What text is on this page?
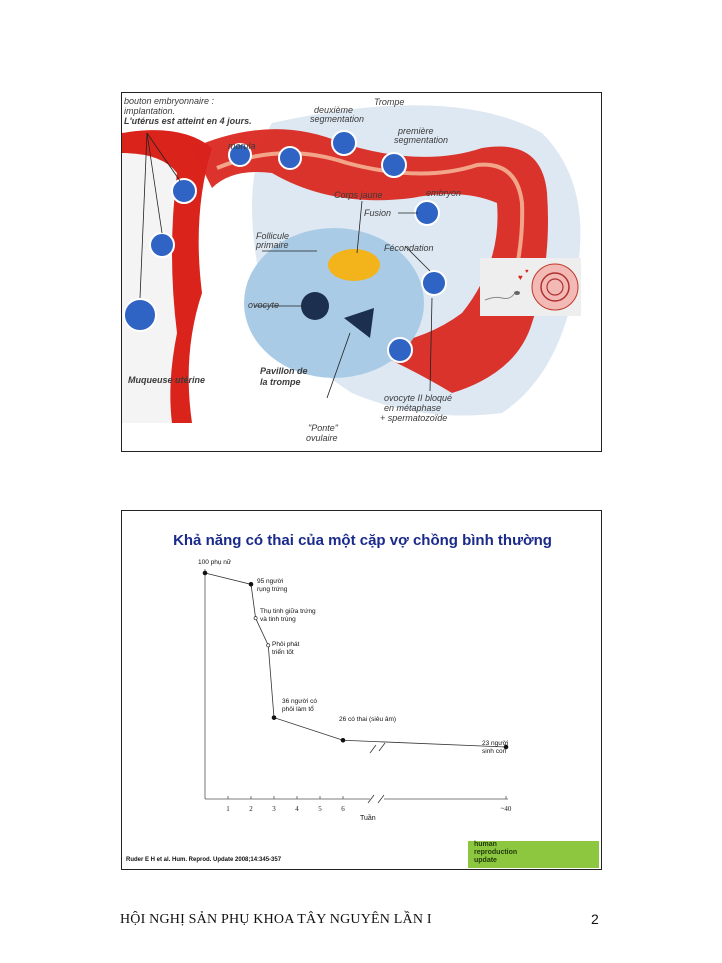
bouton embryonnaire :
implantation.
L'utérus est atteint en 4 jours.
morula
deuxième
segmentation
Trompe
première
segmentation
Corps jaune	embryon
Fusion
Follicule
primaire	Fécondation
ovocyte
Muqueuse utérine
Pavillon de
la trompe
"Ponte"
ovulaire
ovocyte II bloqué
en métaphase
+ spermatozoïde
♥
♥
Khả năng có thai của một cặp vợ chồng bình thường
1	2	3	4	5	6	~40
100 phụ nữ
95 người
rụng trứng
Thụ tinh giữa trứng
và tinh trùng
Phôi phát
triển tốt
36 người có
phôi làm tổ
26 có thai (siêu âm)
23 người
sinh con
Tuần
Ruder E H et al. Hum. Reprod. Update 2008;14:345-357
human
reproduction
update
HỘI NGHỊ SẢN PHỤ KHOA TÂY NGUYÊN LẦN I	2
